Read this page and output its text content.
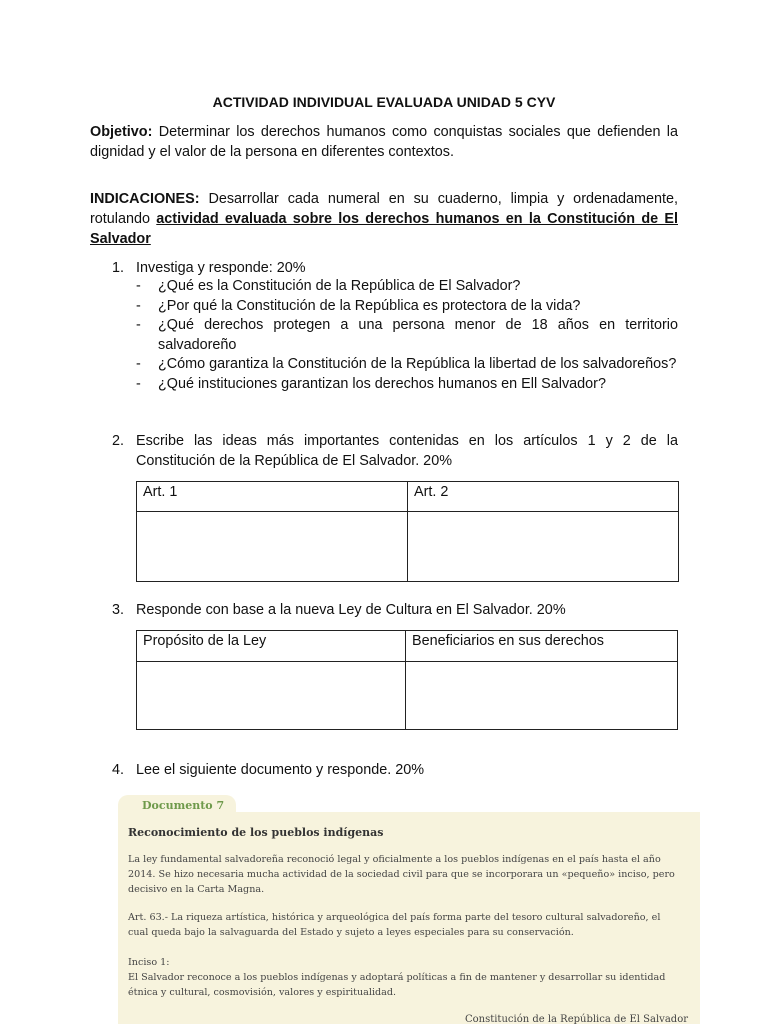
ACTIVIDAD INDIVIDUAL EVALUADA UNIDAD 5 CYV
Objetivo: Determinar los derechos humanos como conquistas sociales que defienden la dignidad y el valor de la persona en diferentes contextos.
INDICACIONES: Desarrollar cada numeral en su cuaderno, limpia y ordenadamente, rotulando actividad evaluada sobre los derechos humanos en la Constitución de El Salvador
1. Investiga y responde: 20%
- ¿Qué es la Constitución de la República de El Salvador?
- ¿Por qué la Constitución de la República es protectora de la vida?
- ¿Qué derechos protegen a una persona menor de 18 años en territorio salvadoreño
- ¿Cómo garantiza la Constitución de la República la libertad de los salvadoreños?
- ¿Qué instituciones garantizan los derechos humanos en Ell Salvador?
2. Escribe las ideas más importantes contenidas en los artículos 1 y 2 de la Constitución de la República de El Salvador. 20%
Art. 1	Art. 2

3. Responde con base a la nueva Ley de Cultura en El Salvador. 20%
Propósito de la Ley	Beneficiarios en sus derechos

4. Lee el siguiente documento y responde. 20%
Documento 7
Reconocimiento de los pueblos indígenas
La ley fundamental salvadoreña reconoció legal y oficialmente a los pueblos indígenas en el país hasta el año 2014. Se hizo necesaria mucha actividad de la sociedad civil para que se incorporara un «pequeño» inciso, pero decisivo en la Carta Magna.
Art. 63.- La riqueza artística, histórica y arqueológica del país forma parte del tesoro cultural salvadoreño, el cual queda bajo la salvaguarda del Estado y sujeto a leyes especiales para su conservación.
Inciso 1:
El Salvador reconoce a los pueblos indígenas y adoptará políticas a fin de mantener y desarrollar su identidad étnica y cultural, cosmovisión, valores y espiritualidad.
Constitución de la República de El Salvador
